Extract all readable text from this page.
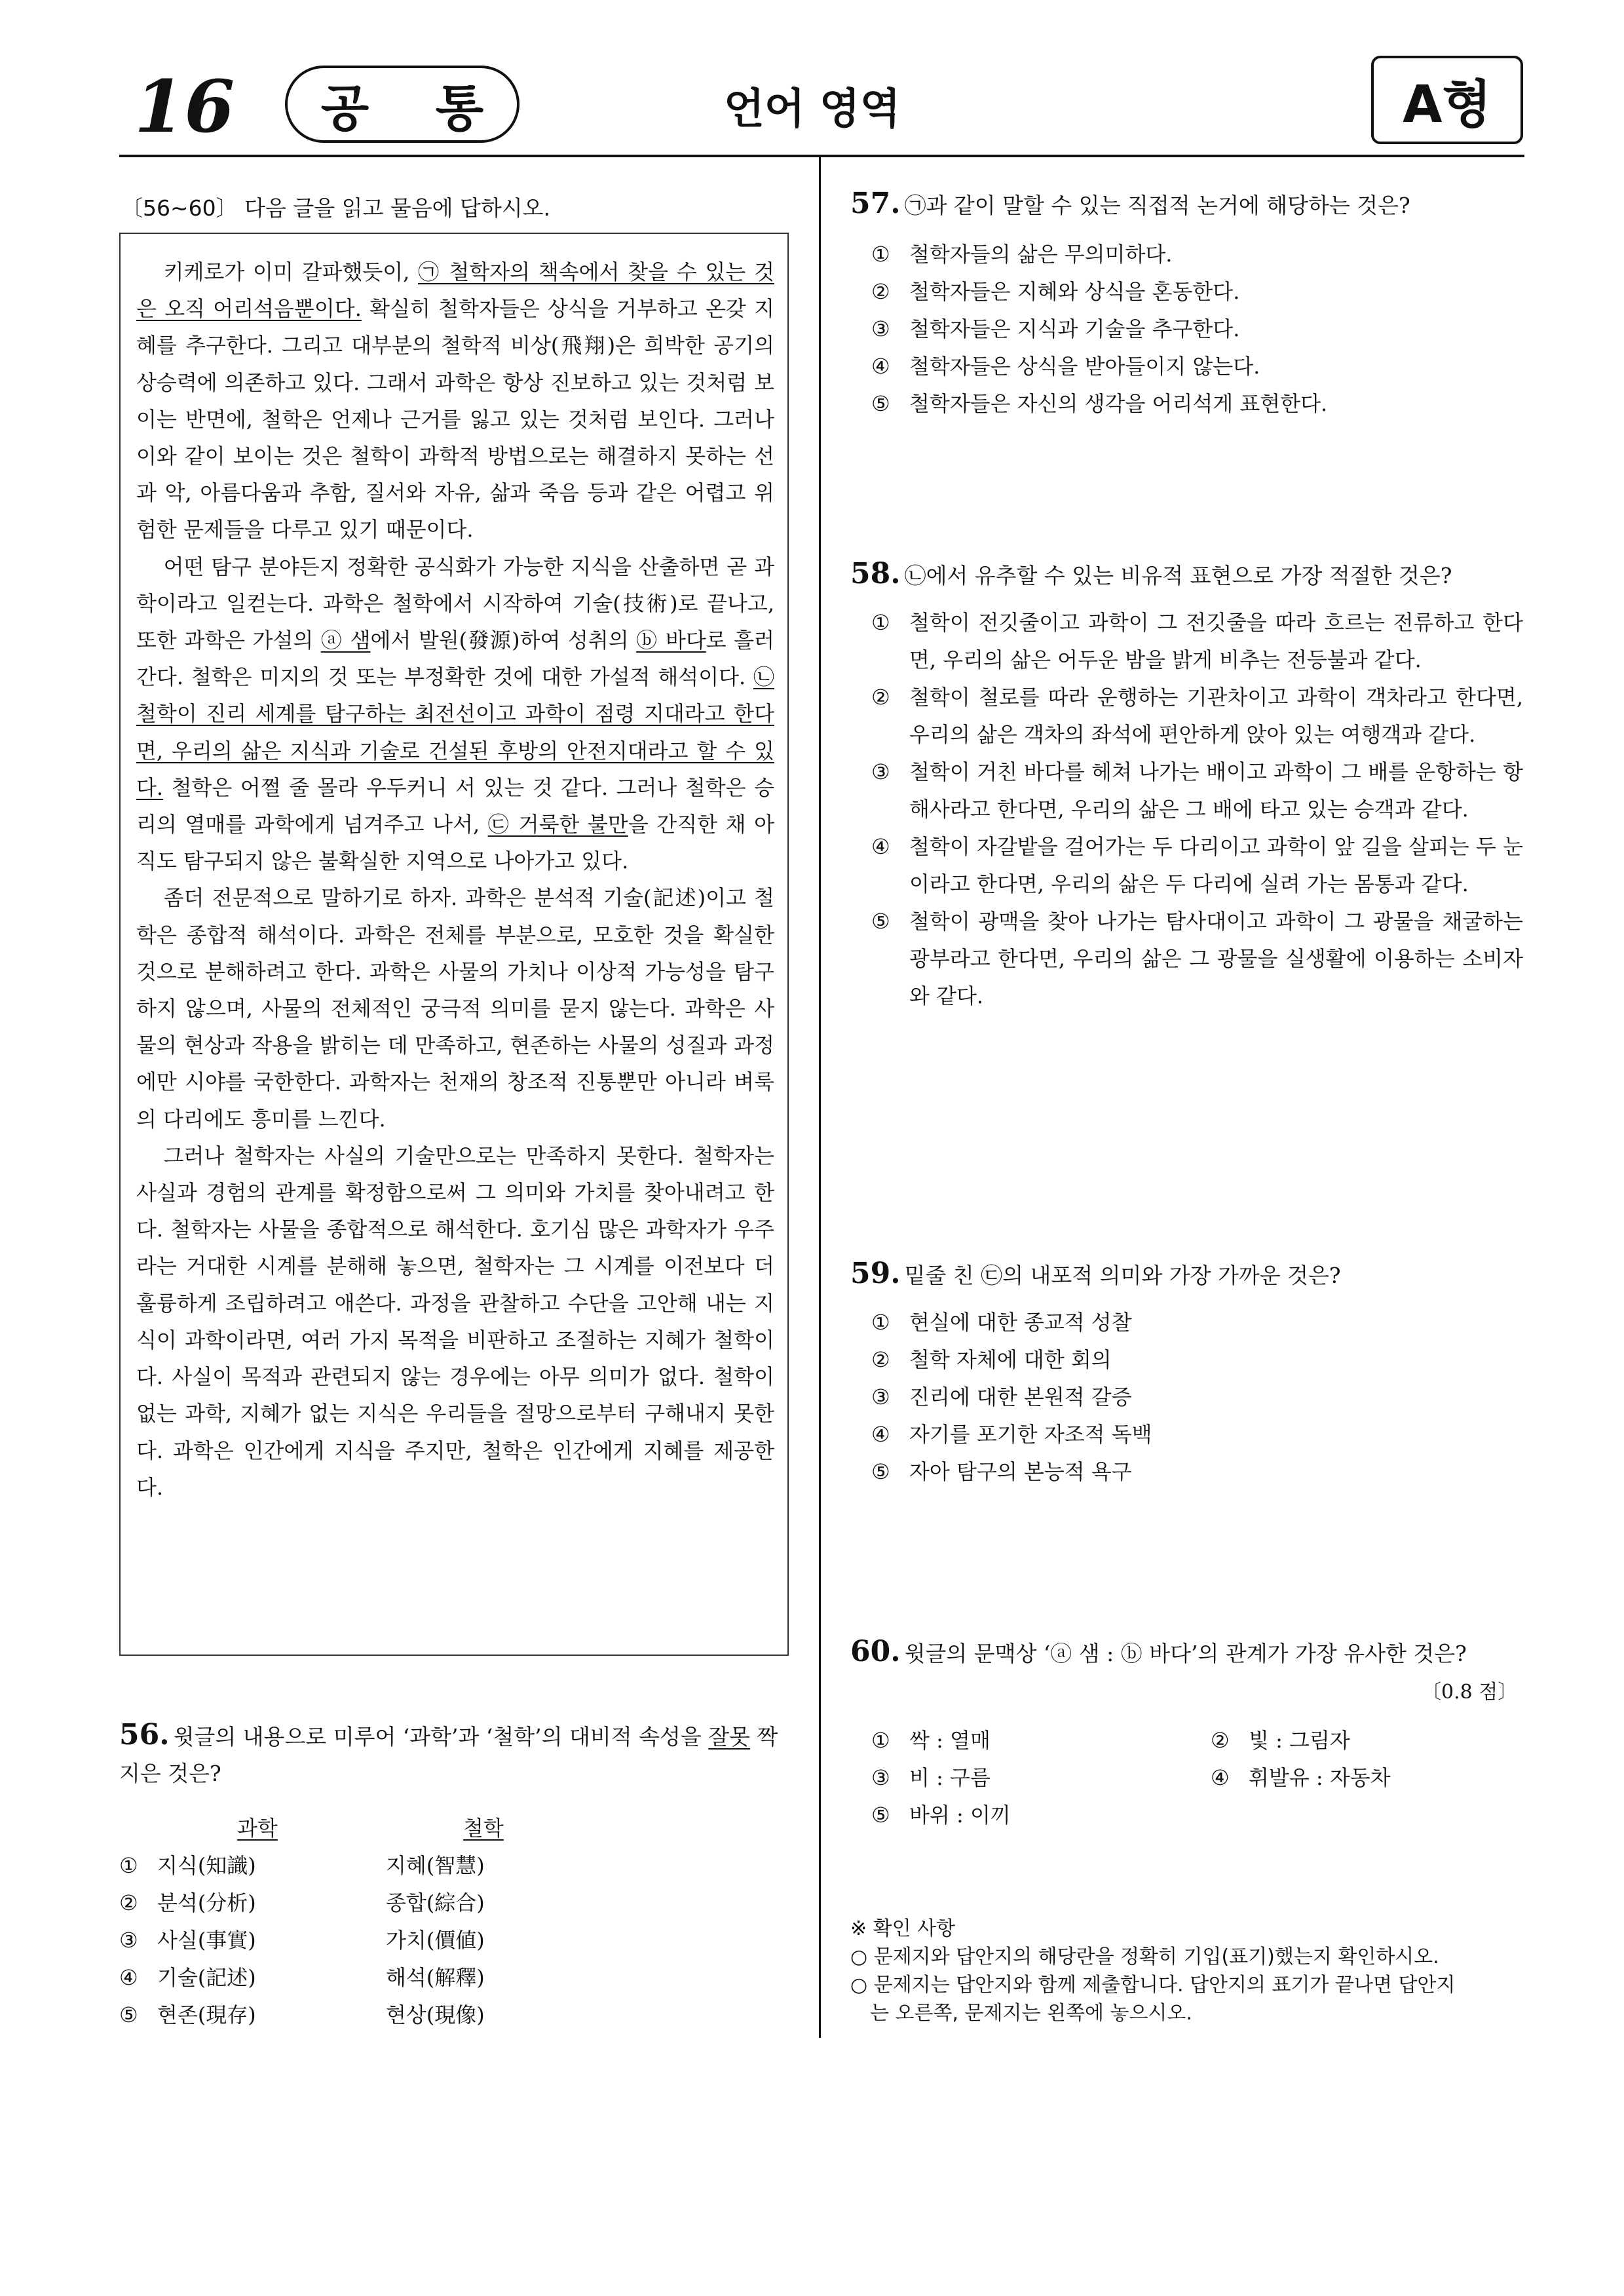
16 공 통	언어 영역	A형
〔56∼60〕 다음 글을 읽고 물음에 답하시오.

키케로가 이미 갈파했듯이, ㉠ 철학자의 책속에서 찾을 수 있는 것은 오직 어리석음뿐이다. 확실히 철학자들은 상식을 거부하고 온갖 지혜를 추구한다. 그리고 대부분의 철학적 비상(飛翔)은 희박한 공기의 상승력에 의존하고 있다. 그래서 과학은 항상 진보하고 있는 것처럼 보이는 반면에, 철학은 언제나 근거를 잃고 있는 것처럼 보인다. 그러나 이와 같이 보이는 것은 철학이 과학적 방법으로는 해결하지 못하는 선과 악, 아름다움과 추함, 질서와 자유, 삶과 죽음 등과 같은 어렵고 위험한 문제들을 다루고 있기 때문이다.

어떤 탐구 분야든지 정확한 공식화가 가능한 지식을 산출하면 곧 과학이라고 일컫는다. 과학은 철학에서 시작하여 기술(技術)로 끝나고, 또한 과학은 가설의 ⓐ 샘에서 발원(發源)하여 성취의 ⓑ 바다로 흘러간다. 철학은 미지의 것 또는 부정확한 것에 대한 가설적 해석이다. ㉡ 철학이 진리 세계를 탐구하는 최전선이고 과학이 점령 지대라고 한다면, 우리의 삶은 지식과 기술로 건설된 후방의 안전지대라고 할 수 있다. 철학은 어쩔 줄 몰라 우두커니 서 있는 것 같다. 그러나 철학은 승리의 열매를 과학에게 넘겨주고 나서, ㉢ 거룩한 불만을 간직한 채 아직도 탐구되지 않은 불확실한 지역으로 나아가고 있다.

좀더 전문적으로 말하기로 하자. 과학은 분석적 기술(記述)이고 철학은 종합적 해석이다. 과학은 전체를 부분으로, 모호한 것을 확실한 것으로 분해하려고 한다. 과학은 사물의 가치나 이상적 가능성을 탐구하지 않으며, 사물의 전체적인 궁극적 의미를 묻지 않는다. 과학은 사물의 현상과 작용을 밝히는 데 만족하고, 현존하는 사물의 성질과 과정에만 시야를 국한한다. 과학자는 천재의 창조적 진통뿐만 아니라 벼룩의 다리에도 흥미를 느낀다.

그러나 철학자는 사실의 기술만으로는 만족하지 못한다. 철학자는 사실과 경험의 관계를 확정함으로써 그 의미와 가치를 찾아내려고 한다. 철학자는 사물을 종합적으로 해석한다. 호기심 많은 과학자가 우주라는 거대한 시계를 분해해 놓으면, 철학자는 그 시계를 이전보다 더 훌륭하게 조립하려고 애쓴다. 과정을 관찰하고 수단을 고안해 내는 지식이 과학이라면, 여러 가지 목적을 비판하고 조절하는 지혜가 철학이다. 사실이 목적과 관련되지 않는 경우에는 아무 의미가 없다. 철학이 없는 과학, 지혜가 없는 지식은 우리들을 절망으로부터 구해내지 못한다. 과학은 인간에게 지식을 주지만, 철학은 인간에게 지혜를 제공한다.

56. 윗글의 내용으로 미루어 ‘과학’과 ‘철학’의 대비적 속성을 잘못 짝지은 것은?
과학	철학
① 지식(知識)	지혜(智慧)
② 분석(分析)	종합(綜合)
③ 사실(事實)	가치(價値)
④ 기술(記述)	해석(解釋)
⑤ 현존(現存)	현상(現像)
57. ㉠과 같이 말할 수 있는 직접적 논거에 해당하는 것은?
① 철학자들의 삶은 무의미하다.
② 철학자들은 지혜와 상식을 혼동한다.
③ 철학자들은 지식과 기술을 추구한다.
④ 철학자들은 상식을 받아들이지 않는다.
⑤ 철학자들은 자신의 생각을 어리석게 표현한다.
58. ㉡에서 유추할 수 있는 비유적 표현으로 가장 적절한 것은?
① 철학이 전깃줄이고 과학이 그 전깃줄을 따라 흐르는 전류하고 한다면, 우리의 삶은 어두운 밤을 밝게 비추는 전등불과 같다.
② 철학이 철로를 따라 운행하는 기관차이고 과학이 객차라고 한다면, 우리의 삶은 객차의 좌석에 편안하게 앉아 있는 여행객과 같다.
③ 철학이 거친 바다를 헤쳐 나가는 배이고 과학이 그 배를 운항하는 항해사라고 한다면, 우리의 삶은 그 배에 타고 있는 승객과 같다.
④ 철학이 자갈밭을 걸어가는 두 다리이고 과학이 앞 길을 살피는 두 눈이라고 한다면, 우리의 삶은 두 다리에 실려 가는 몸통과 같다.
⑤ 철학이 광맥을 찾아 나가는 탐사대이고 과학이 그 광물을 채굴하는 광부라고 한다면, 우리의 삶은 그 광물을 실생활에 이용하는 소비자와 같다.
59. 밑줄 친 ㉢의 내포적 의미와 가장 가까운 것은?
① 현실에 대한 종교적 성찰
② 철학 자체에 대한 회의
③ 진리에 대한 본원적 갈증
④ 자기를 포기한 자조적 독백
⑤ 자아 탐구의 본능적 욕구
60. 윗글의 문맥상 ‘ⓐ 샘 : ⓑ 바다’의 관계가 가장 유사한 것은?
〔0.8 점〕
① 싹 : 열매	② 빛 : 그림자
③ 비 : 구름	④ 휘발유 : 자동차
⑤ 바위 : 이끼
※ 확인 사항
○ 문제지와 답안지의 해당란을 정확히 기입(표기)했는지 확인하시오.
○ 문제지는 답안지와 함께 제출합니다. 답안지의 표기가 끝나면 답안지
는 오른쪽, 문제지는 왼쪽에 놓으시오.
